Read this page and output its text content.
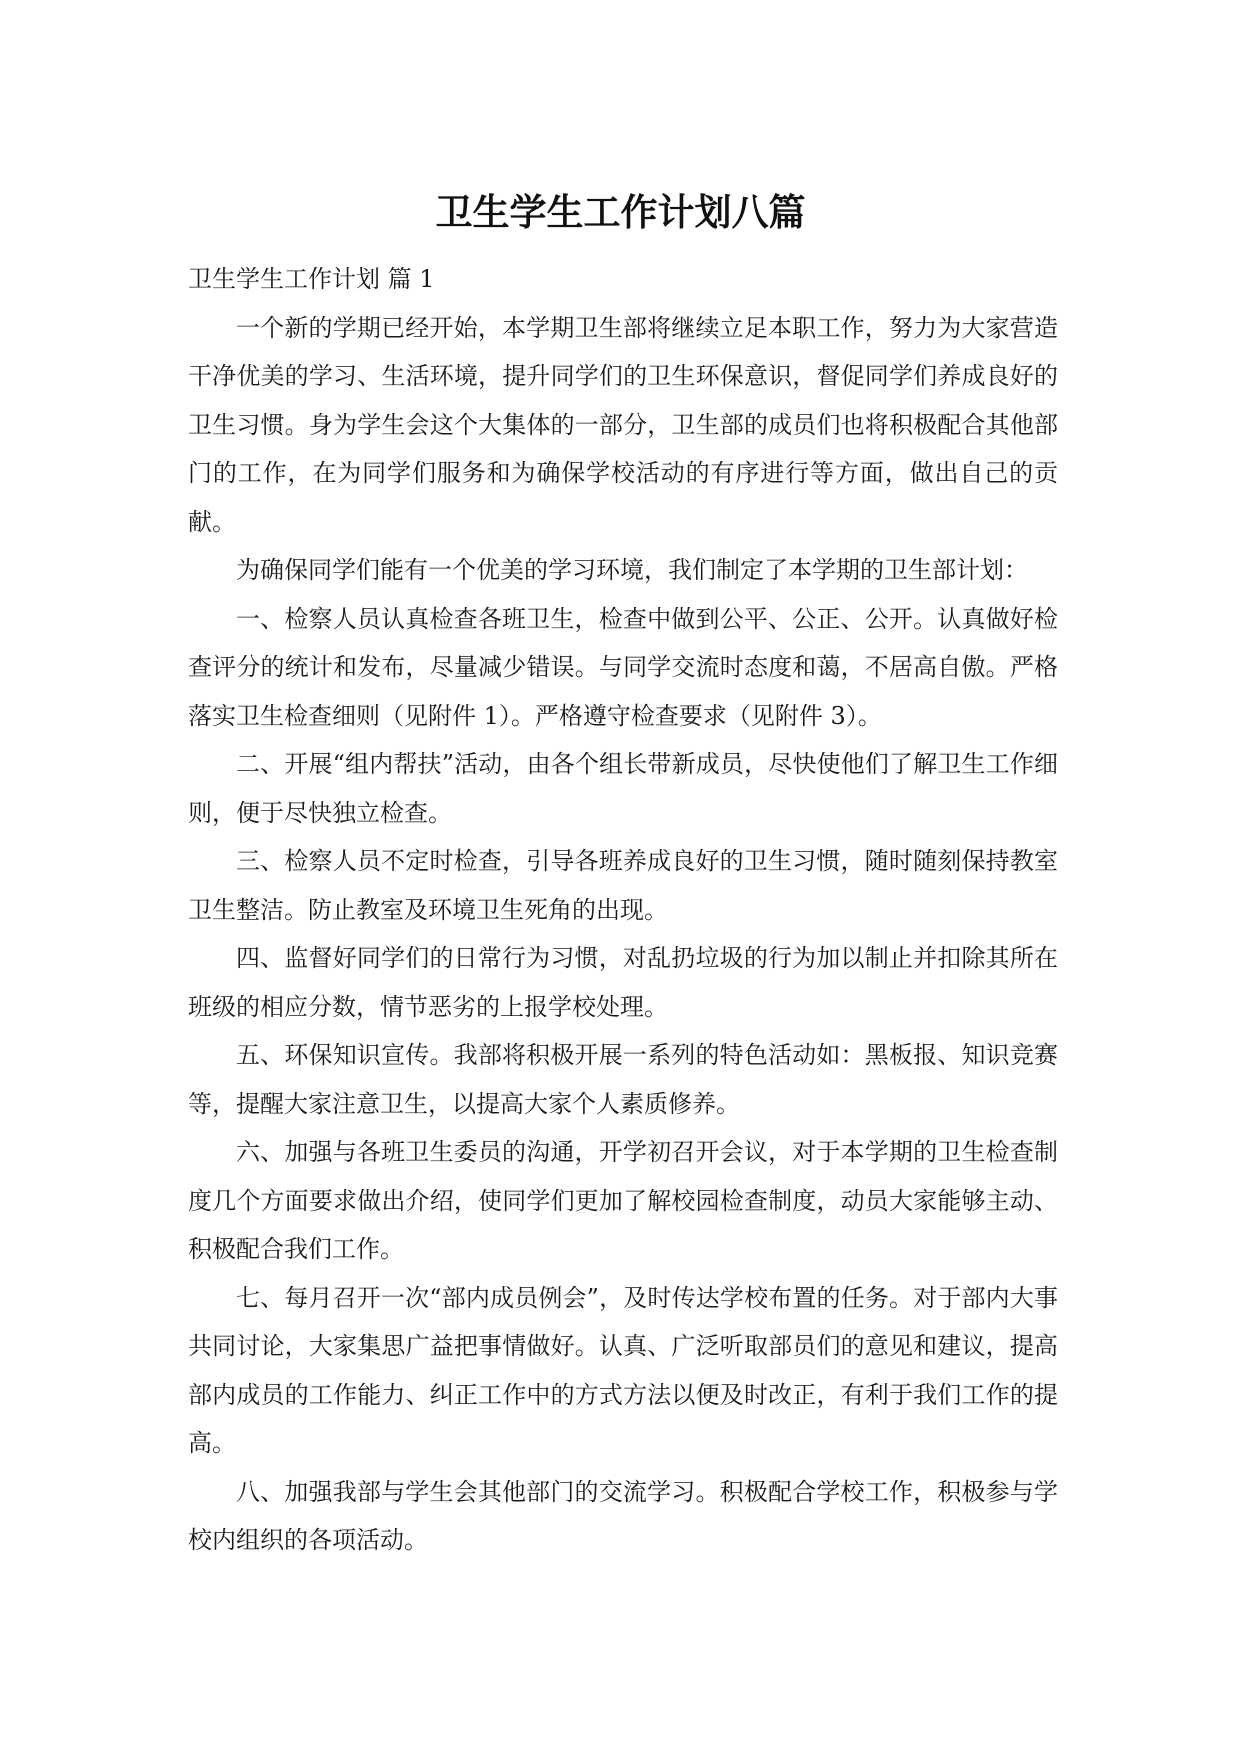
卫生学生工作计划八篇

卫生学生工作计划 篇 1

一个新的学期已经开始，本学期卫生部将继续立足本职工作，努力为大家营造干净优美的学习、生活环境，提升同学们的卫生环保意识，督促同学们养成良好的卫生习惯。身为学生会这个大集体的一部分，卫生部的成员们也将积极配合其他部门的工作，在为同学们服务和为确保学校活动的有序进行等方面，做出自己的贡献。

为确保同学们能有一个优美的学习环境，我们制定了本学期的卫生部计划：

一、检察人员认真检查各班卫生，检查中做到公平、公正、公开。认真做好检查评分的统计和发布，尽量减少错误。与同学交流时态度和蔼，不居高自傲。严格落实卫生检查细则（见附件 1）。严格遵守检查要求（见附件 3）。

二、开展“组内帮扶”活动，由各个组长带新成员，尽快使他们了解卫生工作细则，便于尽快独立检查。

三、检察人员不定时检查，引导各班养成良好的卫生习惯，随时随刻保持教室卫生整洁。防止教室及环境卫生死角的出现。

四、监督好同学们的日常行为习惯，对乱扔垃圾的行为加以制止并扣除其所在班级的相应分数，情节恶劣的上报学校处理。

五、环保知识宣传。我部将积极开展一系列的特色活动如：黑板报、知识竞赛等，提醒大家注意卫生，以提高大家个人素质修养。

六、加强与各班卫生委员的沟通，开学初召开会议，对于本学期的卫生检查制度几个方面要求做出介绍，使同学们更加了解校园检查制度，动员大家能够主动、积极配合我们工作。

七、每月召开一次“部内成员例会”，及时传达学校布置的任务。对于部内大事共同讨论，大家集思广益把事情做好。认真、广泛听取部员们的意见和建议，提高部内成员的工作能力、纠正工作中的方式方法以便及时改正，有利于我们工作的提高。

八、加强我部与学生会其他部门的交流学习。积极配合学校工作，积极参与学校内组织的各项活动。
